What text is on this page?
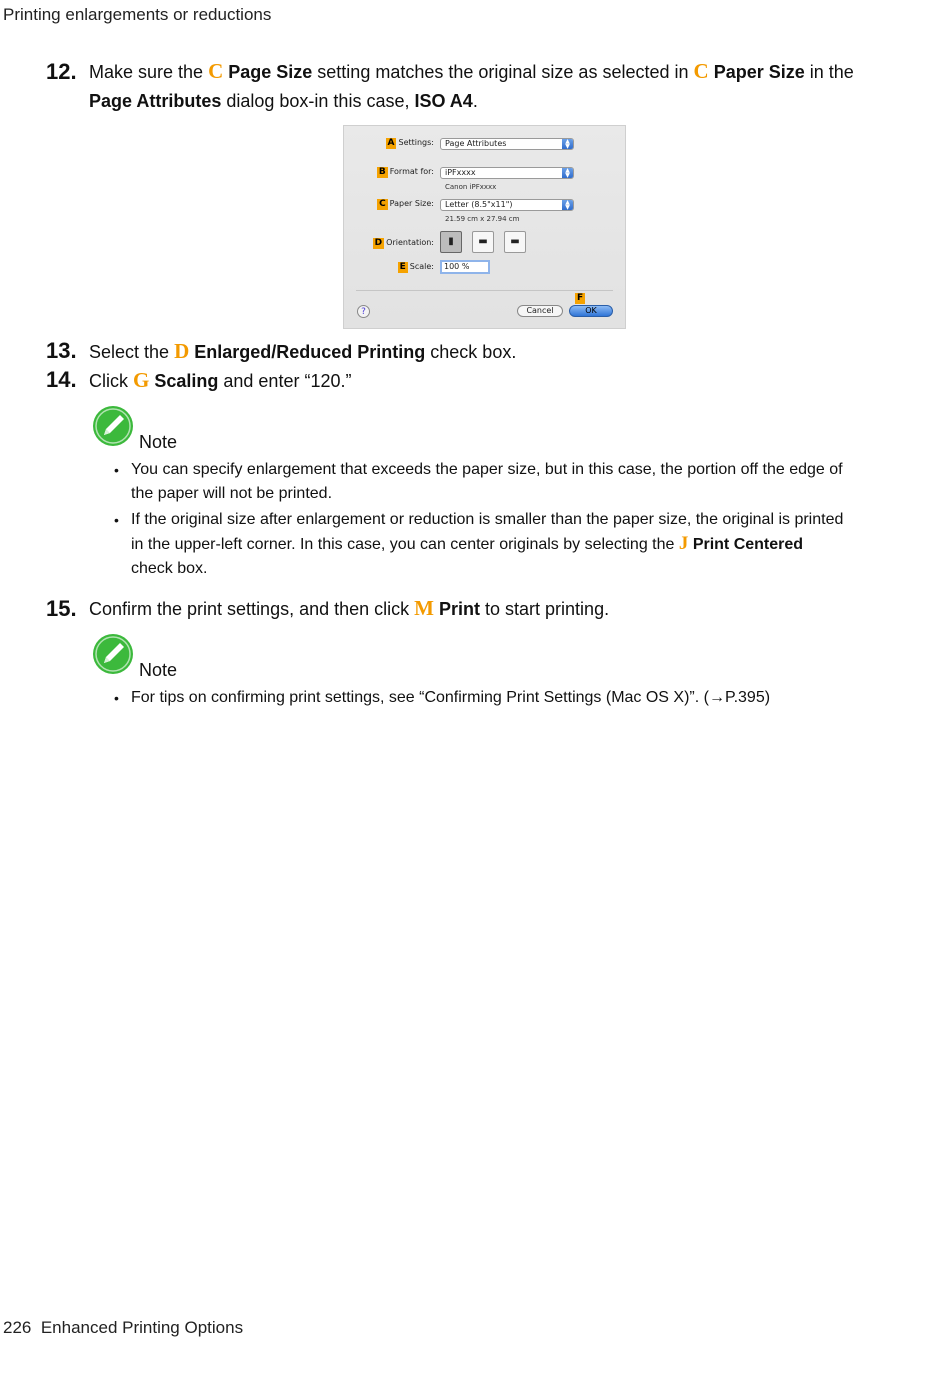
Printing enlargements or reductions
12. Make sure the C Page Size setting matches the original size as selected in C Paper Size in the
Page Attributes dialog box-in this case, ISO A4.
A Settings:	Page Attributes	▲
▼
B Format for:	iPFxxxx	▲
▼
Canon iPFxxxx
C Paper Size:	Letter (8.5"x11")	▲
▼
21.59 cm x 27.94 cm
D Orientation:	▮	▬	▬
E Scale:	100 %
?	Cancel
F
OK
13. Select the D Enlarged/Reduced Printing check box.
14. Click G Scaling and enter “120.”
Note
• You can specify enlargement that exceeds the paper size, but in this case, the portion off the edge of
the paper will not be printed.
• If the original size after enlargement or reduction is smaller than the paper size, the original is printed
in the upper-left corner. In this case, you can center originals by selecting the J Print Centered
check box.
15. Confirm the print settings, and then click M Print to start printing.
Note
• For tips on confirming print settings, see “Confirming Print Settings (Mac OS X)”. (→P.395)
226 Enhanced Printing Options
